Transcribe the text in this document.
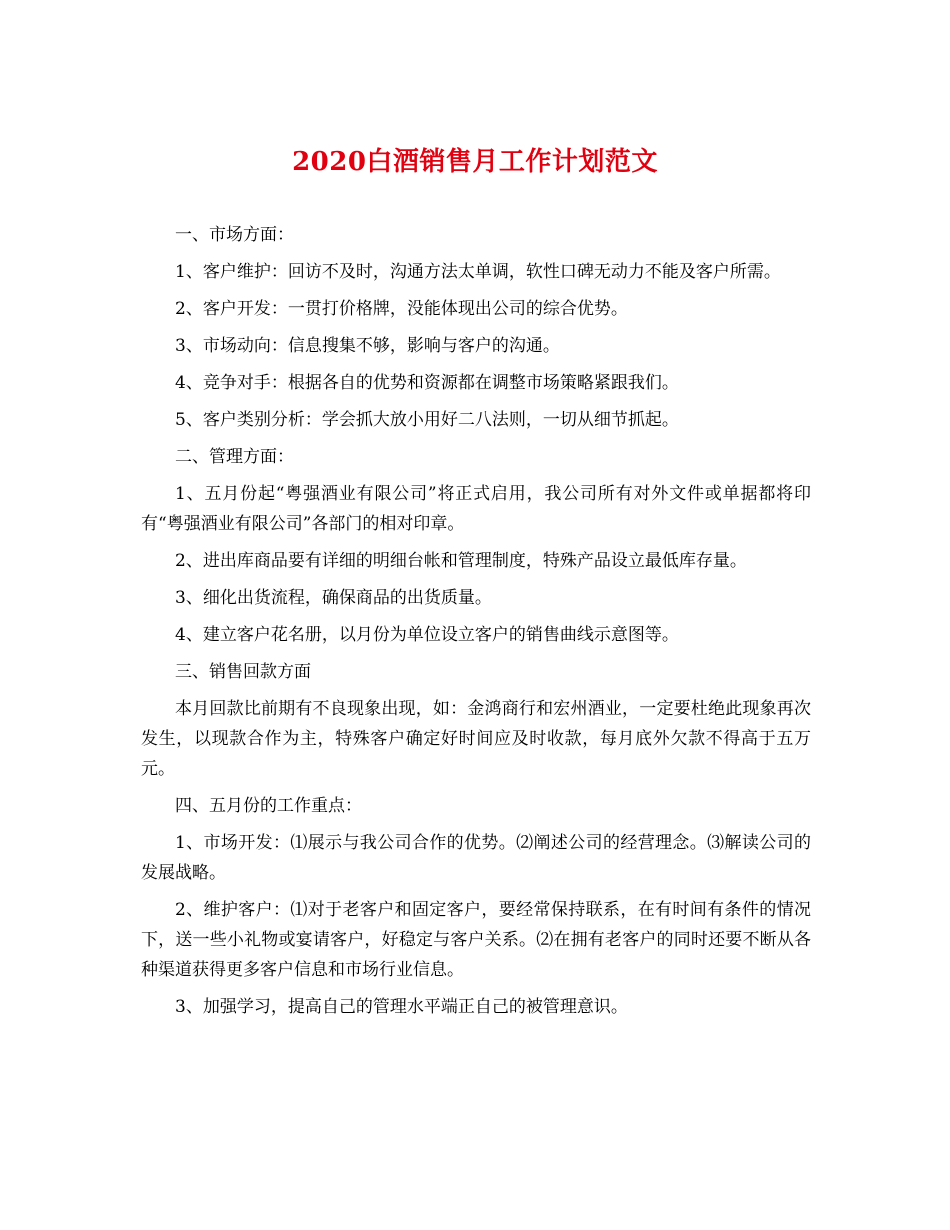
2020白酒销售月工作计划范文

一、市场方面：

1、客户维护：回访不及时，沟通方法太单调，软性口碑无动力不能及客户所需。

2、客户开发：一贯打价格牌，没能体现出公司的综合优势。

3、市场动向：信息搜集不够，影响与客户的沟通。

4、竞争对手：根据各自的优势和资源都在调整市场策略紧跟我们。

5、客户类别分析：学会抓大放小用好二八法则，一切从细节抓起。

二、管理方面：

1、五月份起“粤强酒业有限公司”将正式启用，我公司所有对外文件或单据都将印有“粤强酒业有限公司”各部门的相对印章。

2、进出库商品要有详细的明细台帐和管理制度，特殊产品设立最低库存量。

3、细化出货流程，确保商品的出货质量。

4、建立客户花名册，以月份为单位设立客户的销售曲线示意图等。

三、销售回款方面

本月回款比前期有不良现象出现，如：金鸿商行和宏州酒业，一定要杜绝此现象再次发生，以现款合作为主，特殊客户确定好时间应及时收款，每月底外欠款不得高于五万元。

四、五月份的工作重点：

1、市场开发：⑴展示与我公司合作的优势。⑵阐述公司的经营理念。⑶解读公司的发展战略。

2、维护客户：⑴对于老客户和固定客户，要经常保持联系，在有时间有条件的情况下，送一些小礼物或宴请客户，好稳定与客户关系。⑵在拥有老客户的同时还要不断从各种渠道获得更多客户信息和市场行业信息。

3、加强学习，提高自己的管理水平端正自己的被管理意识。
